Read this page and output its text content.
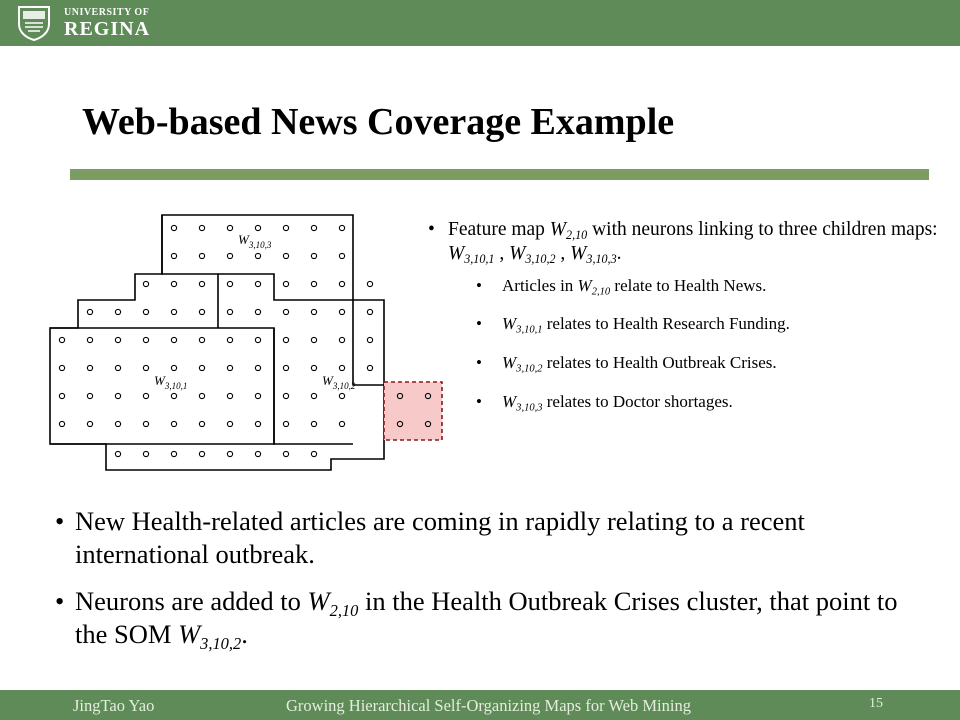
UNIVERSITY OF
REGINA
Web-based News Coverage Example
$W_{3,10,3}$
$W_{3,10,1}$	$W_{3,10,2}$
• Feature map $W_{2,10}$ with neurons linking to three children maps: $W_{3,10,1}$ , $W_{3,10,2}$ , $W_{3,10,3}$.
•	Articles in $W_{2,10}$ relate to Health News.
•	$W_{3,10,1}$ relates to Health Research Funding.
•	$W_{3,10,2}$ relates to Health Outbreak Crises.
•	$W_{3,10,3}$ relates to Doctor shortages.
• New Health-related articles are coming in rapidly relating to a recent international outbreak.
• Neurons are added to $W_{2,10}$ in the Health Outbreak Crises cluster, that point to the SOM $W_{3,10,2}$.
JingTao Yao	Growing Hierarchical Self-Organizing Maps for Web Mining	15
